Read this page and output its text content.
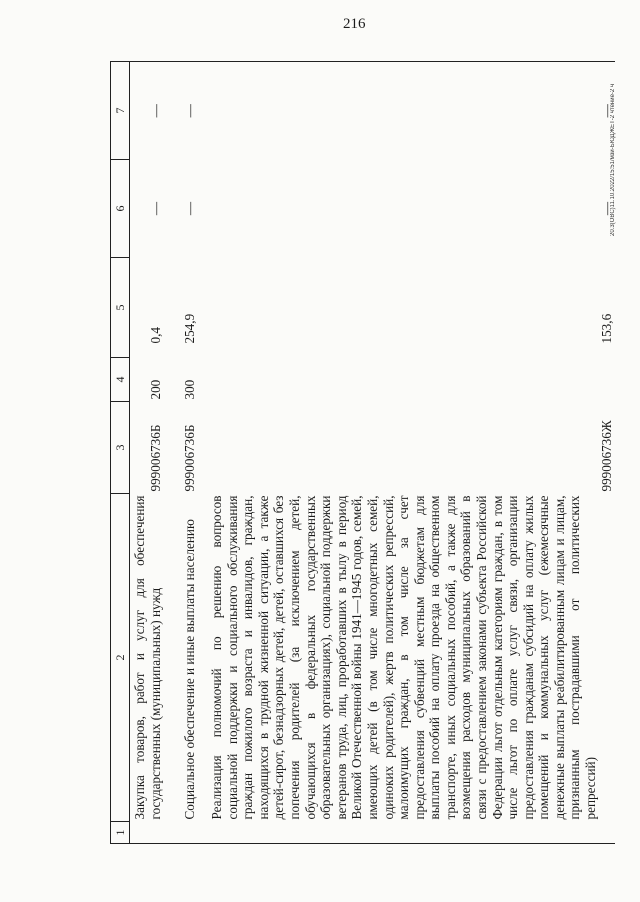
216
20.3(OBC)11.10.2022/15:51/мзи-БЮДЖЕТ-2 чтение-2 ч
1	2	3	4	5	6	7
	Закупка товаров, работ и услуг для обеспечения государственных (муниципальных) нужд	999006736Б	200	0,4	—	—
	Социальное обеспечение и иные выплаты населению	999006736Б	300	254,9	—	—
	Реализация полномочий по решению вопросов социальной поддержки и социального обслуживания граждан пожилого возраста и инвалидов, граждан, находящихся в трудной жизненной ситуации, а также детей-сирот, безнадзорных детей, детей, оставшихся без попечения родителей (за исключением детей, обучающихся в федеральных государственных образовательных организациях), социальной поддержки ветеранов труда, лиц, проработавших в тылу в период Великой Отечественной войны 1941—1945 годов, семей, имеющих детей (в том числе многодетных семей, одиноких родителей), жертв политических репрессий, малоимущих граждан, в том числе за счет предоставления субвенций местным бюджетам для выплаты пособий на оплату проезда на общественном транспорте, иных социальных пособий, а также для возмещения расходов муниципальных образований в связи с предоставлением законами субъекта Российской Федерации льгот отдельным категориям граждан, в том числе льгот по оплате услуг связи, организации предоставления гражданам субсидий на оплату жилых помещений и коммунальных услуг (ежемесячные денежные выплаты реабилитированным лицам и лицам, признанным пострадавшими от политических репрессий)	999006736Ж		153,6	—	—
